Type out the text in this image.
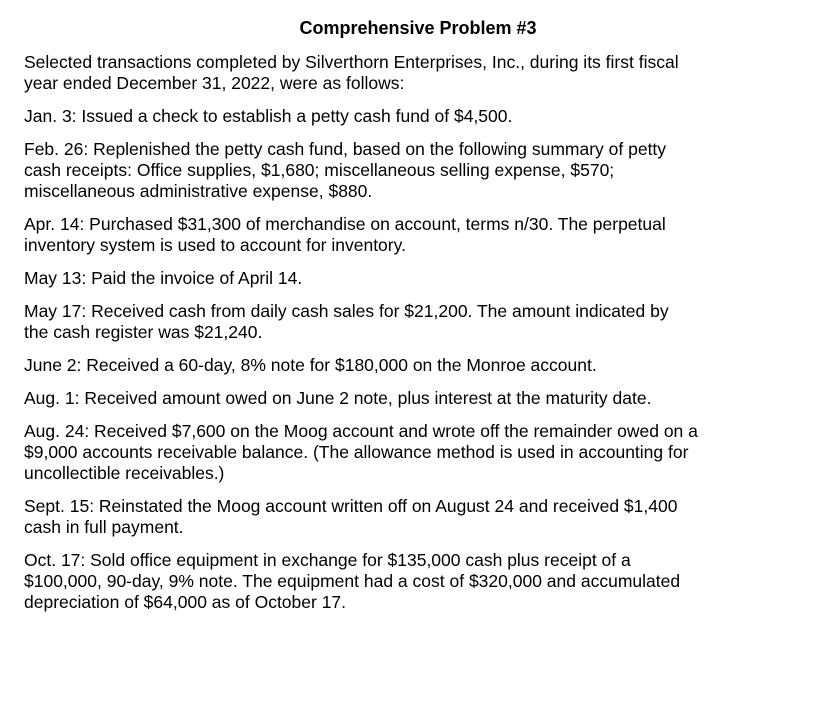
Comprehensive Problem #3
Selected transactions completed by Silverthorn Enterprises, Inc., during its first fiscal
year ended December 31, 2022, were as follows:
Jan. 3: Issued a check to establish a petty cash fund of $4,500.
Feb. 26: Replenished the petty cash fund, based on the following summary of petty
cash receipts: Office supplies, $1,680; miscellaneous selling expense, $570;
miscellaneous administrative expense, $880.
Apr. 14: Purchased $31,300 of merchandise on account, terms n/30. The perpetual
inventory system is used to account for inventory.
May 13: Paid the invoice of April 14.
May 17: Received cash from daily cash sales for $21,200. The amount indicated by
the cash register was $21,240.
June 2: Received a 60-day, 8% note for $180,000 on the Monroe account.
Aug. 1: Received amount owed on June 2 note, plus interest at the maturity date.
Aug. 24: Received $7,600 on the Moog account and wrote off the remainder owed on a
$9,000 accounts receivable balance. (The allowance method is used in accounting for
uncollectible receivables.)
Sept. 15: Reinstated the Moog account written off on August 24 and received $1,400
cash in full payment.
Oct. 17: Sold office equipment in exchange for $135,000 cash plus receipt of a
$100,000, 90-day, 9% note. The equipment had a cost of $320,000 and accumulated
depreciation of $64,000 as of October 17.
